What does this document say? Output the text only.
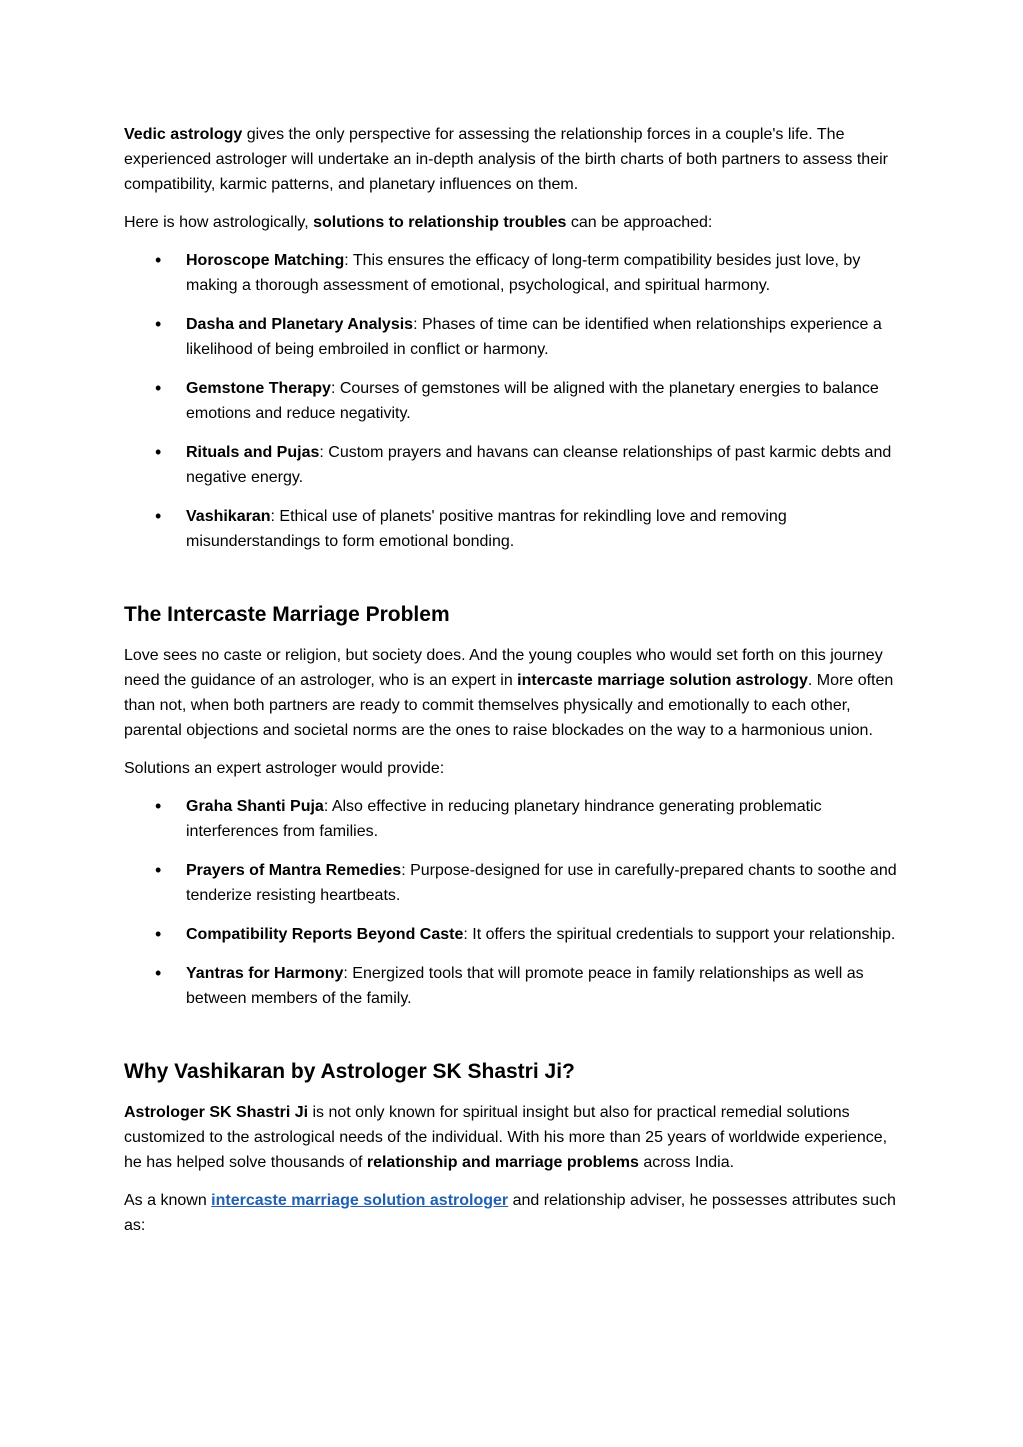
Vedic astrology gives the only perspective for assessing the relationship forces in a couple's life. The experienced astrologer will undertake an in-depth analysis of the birth charts of both partners to assess their compatibility, karmic patterns, and planetary influences on them.

Here is how astrologically, solutions to relationship troubles can be approached:

• Horoscope Matching: This ensures the efficacy of long-term compatibility besides just love, by making a thorough assessment of emotional, psychological, and spiritual harmony.
• Dasha and Planetary Analysis: Phases of time can be identified when relationships experience a likelihood of being embroiled in conflict or harmony.
• Gemstone Therapy: Courses of gemstones will be aligned with the planetary energies to balance emotions and reduce negativity.
• Rituals and Pujas: Custom prayers and havans can cleanse relationships of past karmic debts and negative energy.
• Vashikaran: Ethical use of planets' positive mantras for rekindling love and removing misunderstandings to form emotional bonding.
The Intercaste Marriage Problem

Love sees no caste or religion, but society does. And the young couples who would set forth on this journey need the guidance of an astrologer, who is an expert in intercaste marriage solution astrology. More often than not, when both partners are ready to commit themselves physically and emotionally to each other, parental objections and societal norms are the ones to raise blockades on the way to a harmonious union.

Solutions an expert astrologer would provide:

• Graha Shanti Puja: Also effective in reducing planetary hindrance generating problematic interferences from families.
• Prayers of Mantra Remedies: Purpose-designed for use in carefully-prepared chants to soothe and tenderize resisting heartbeats.
• Compatibility Reports Beyond Caste: It offers the spiritual credentials to support your relationship.
• Yantras for Harmony: Energized tools that will promote peace in family relationships as well as between members of the family.
Why Vashikaran by Astrologer SK Shastri Ji?

Astrologer SK Shastri Ji is not only known for spiritual insight but also for practical remedial solutions customized to the astrological needs of the individual. With his more than 25 years of worldwide experience, he has helped solve thousands of relationship and marriage problems across India.

As a known intercaste marriage solution astrologer and relationship adviser, he possesses attributes such as:
